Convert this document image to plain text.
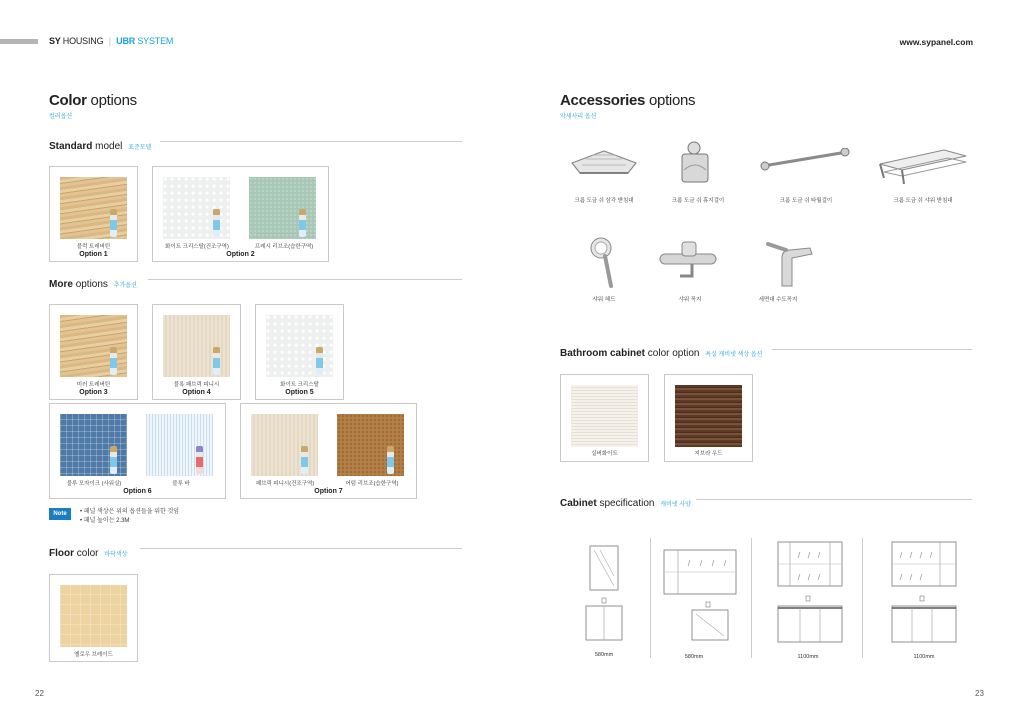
SY HOUSING | UBR SYSTEM	www.sypanel.com
Color options
컬러옵션
Standard model 표준모델
블럭 트레버틴
Option 1
화이트 크리스탈(건조구역)	프레시 리브조(습한구역)
Option 2
More options 추가옵션
미러 트레버틴
Option 3
블록 패브릭 피니시
Option 4
화이트 크리스탈
Option 5
블루 모자이크 (사워실)	블루 바
Option 6
패브릭 피니시(건조구역)	어텀 리브조(습한구역)
Option 7
Note	• 패널 색상은 위의 옵션들을 위한 것임
• 패널 높이는 2.3M
Floor color 바닥색상
옐로우 브레이드
22
Accessories options
악세사리 옵션
크롬 도금 쉬 삼각 받침대	크롬 도금 쉬 휴지걸이	크롬 도금 쉬 타월걸이	크롬 도금 쉬 샤워 받침대
샤워 헤드	샤워 꼭지	세면대 수도꼭지
Bathroom cabinet color option 욕실 캐비넷 색상 옵션
실버화이트	지브라 우드
Cabinet specification 캐비넷 사양
580mm	580mm	1100mm	1100mm
23
